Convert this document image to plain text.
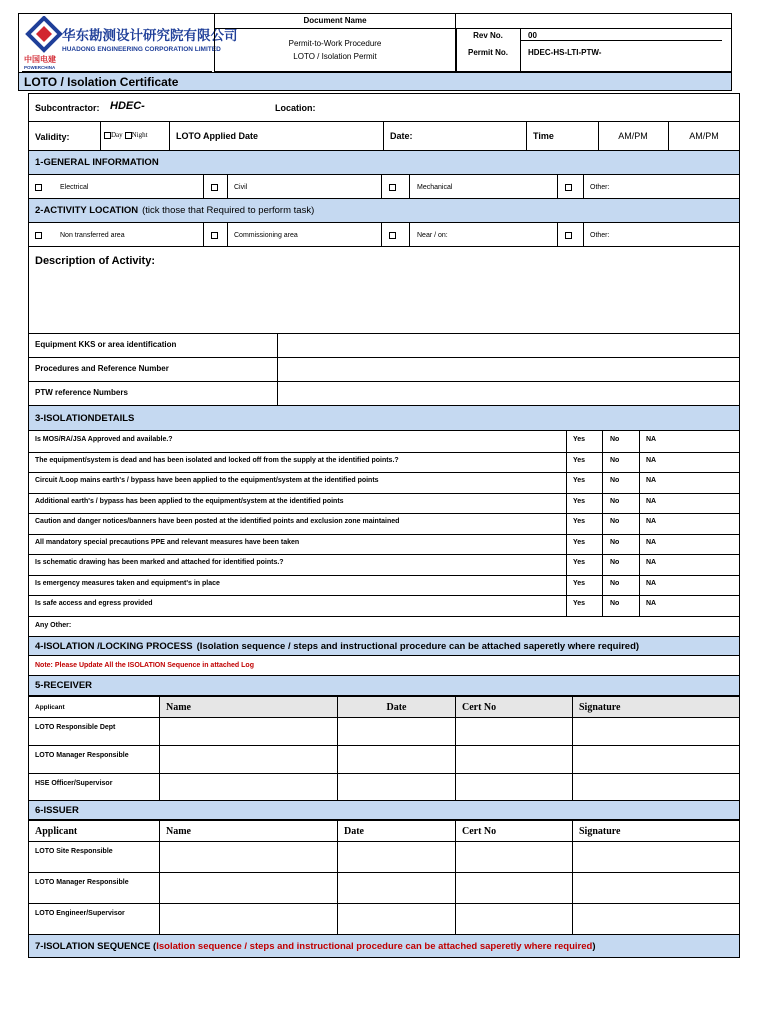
华东勘测设计研究院有限公司
HUADONG ENGINEERING CORPORATION LIMITED
中国电建
POWERCHINA
Document Name
Permit-to-Work Procedure
LOTO / Isolation Permit
Rev No.	00
Permit No.	HDEC-HS-LTI-PTW-
LOTO / Isolation Certificate
Subcontractor: HDEC-	Location:
Validity:	Day Night	LOTO Applied Date	Date:	Time	AM/PM	AM/PM
1-GENERAL INFORMATION
Electrical	Civil	Mechanical	Other:
2-ACTIVITY LOCATION (tick those that Required to perform task)
Non transferred area	Commissioning area	Near / on:	Other:
Description of Activity:
Equipment KKS or area identification
Procedures and Reference Number
PTW reference Numbers
3-ISOLATIONDETAILS
Is MOS/RA/JSA Approved and available.?	Yes	No	NA
The equipment/system is dead and has been isolated and locked off from the supply at the identified points.?	Yes	No	NA
Circuit /Loop mains earth's / bypass have been applied to the equipment/system at the identified points	Yes	No	NA
Additional earth's / bypass has been applied to the equipment/system at the identified points	Yes	No	NA
Caution and danger notices/banners have been posted at the identified points and exclusion zone maintained	Yes	No	NA
All mandatory special precautions PPE and relevant measures have been taken	Yes	No	NA
Is schematic drawing has been marked and attached for identified points.?	Yes	No	NA
Is emergency measures taken and equipment's in place	Yes	No	NA
Is safe access and egress provided	Yes	No	NA
Any Other:
4-ISOLATION /LOCKING PROCESS (Isolation sequence / steps and instructional procedure can be attached saperetly where required)
Note: Please Update All the ISOLATION Sequence in attached Log
5-RECEIVER
Applicant	Name	Date	Cert No	Signature
LOTO Responsible Dept				
LOTO Manager Responsible				
HSE Officer/Supervisor				
6-ISSUER
Applicant	Name	Date	Cert No	Signature
LOTO Site Responsible				
LOTO Manager Responsible				
LOTO Engineer/Supervisor				
7-ISOLATION SEQUENCE ( Isolation sequence / steps and instructional procedure can be attached saperetly where required )
